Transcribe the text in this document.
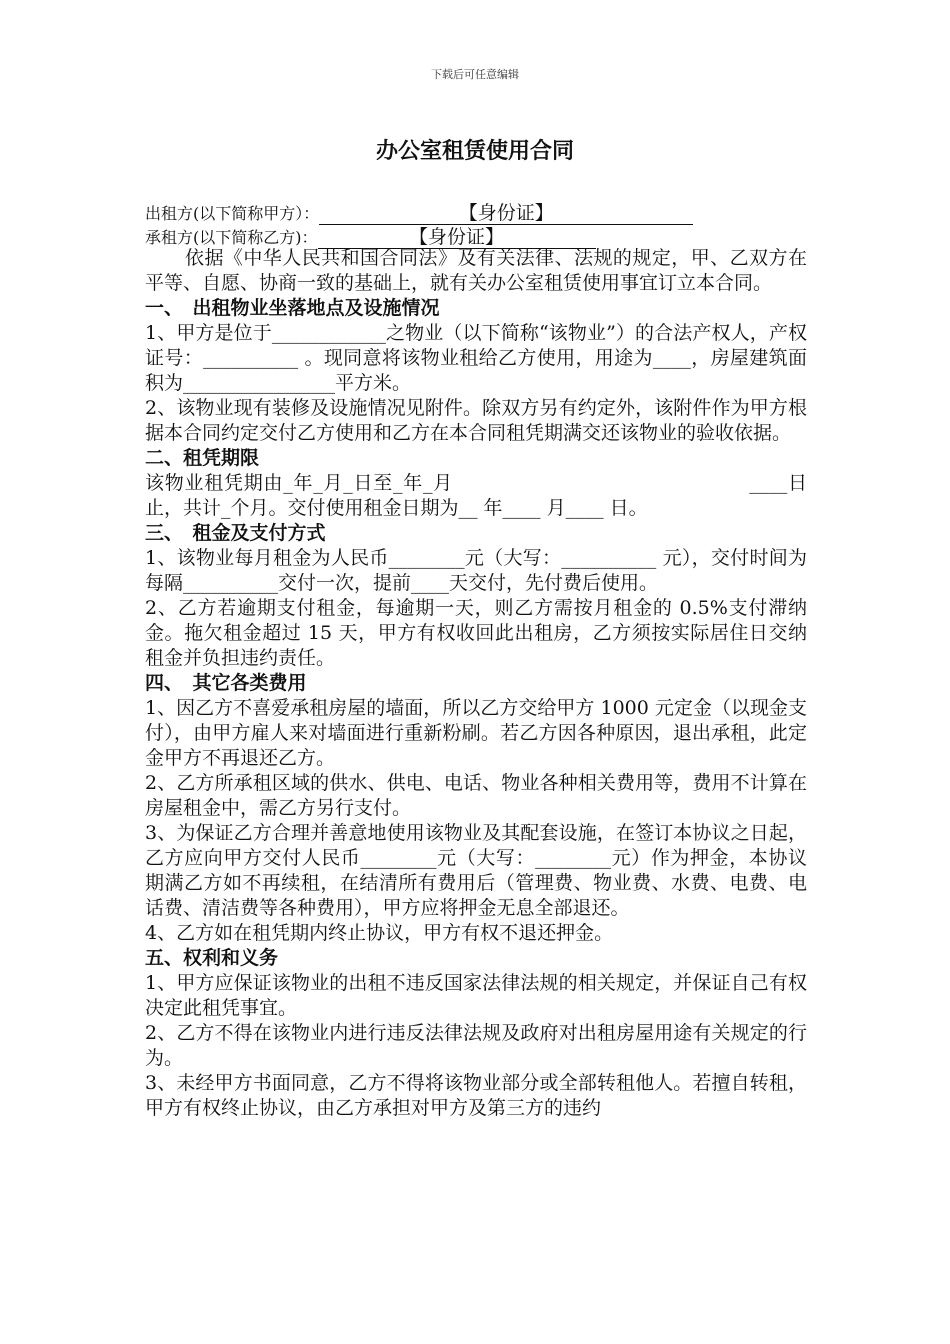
下载后可任意编辑
办公室租赁使用合同
出租方(以下简称甲方）：	【身份证】
承租方(以下简称乙方)：	【身份证】

依据《中华人民共和国合同法》及有关法律、法规的规定，甲、乙双方在平等、自愿、协商一致的基础上，就有关办公室租赁使用事宜订立本合同。

一、　出租物业坐落地点及设施情况

1、甲方是位于____________之物业（以下简称“该物业”）的合法产权人，产权证号：__________ 。现同意将该物业租给乙方使用，用途为____，房屋建筑面积为________________平方米。

2、该物业现有装修及设施情况见附件。除双方另有约定外，该附件作为甲方根据本合同约定交付乙方使用和乙方在本合同租凭期满交还该物业的验收依据。

二、租凭期限

该物业租凭期由_年_月_日至_年_月　　　　　　　　　　　　　　　____日止，共计_个月。交付使用租金日期为__ 年____ 月____ 日。

三、　租金及支付方式

1、该物业每月租金为人民币________元（大写：__________ 元），交付时间为每隔__________交付一次，提前____天交付，先付费后使用。

2、乙方若逾期支付租金，每逾期一天，则乙方需按月租金的 0.5%支付滞纳金。拖欠租金超过 15 天，甲方有权收回此出租房，乙方须按实际居住日交纳租金并负担违约责任。

四、　其它各类费用

1、因乙方不喜爱承租房屋的墙面，所以乙方交给甲方 1000 元定金（以现金支付），由甲方雇人来对墙面进行重新粉刷。若乙方因各种原因，退出承租，此定金甲方不再退还乙方。

2、乙方所承租区域的供水、供电、电话、物业各种相关费用等，费用不计算在房屋租金中，需乙方另行支付。

3、为保证乙方合理并善意地使用该物业及其配套设施，在签订本协议之日起，乙方应向甲方交付人民币________元（大写：________元）作为押金，本协议期满乙方如不再续租，在结清所有费用后（管理费、物业费、水费、电费、电话费、清洁费等各种费用），甲方应将押金无息全部退还。

4、乙方如在租凭期内终止协议，甲方有权不退还押金。

五、权利和义务

1、甲方应保证该物业的出租不违反国家法律法规的相关规定，并保证自己有权决定此租凭事宜。

2、乙方不得在该物业内进行违反法律法规及政府对出租房屋用途有关规定的行为。

3、未经甲方书面同意，乙方不得将该物业部分或全部转租他人。若擅自转租，甲方有权终止协议，由乙方承担对甲方及第三方的违约
